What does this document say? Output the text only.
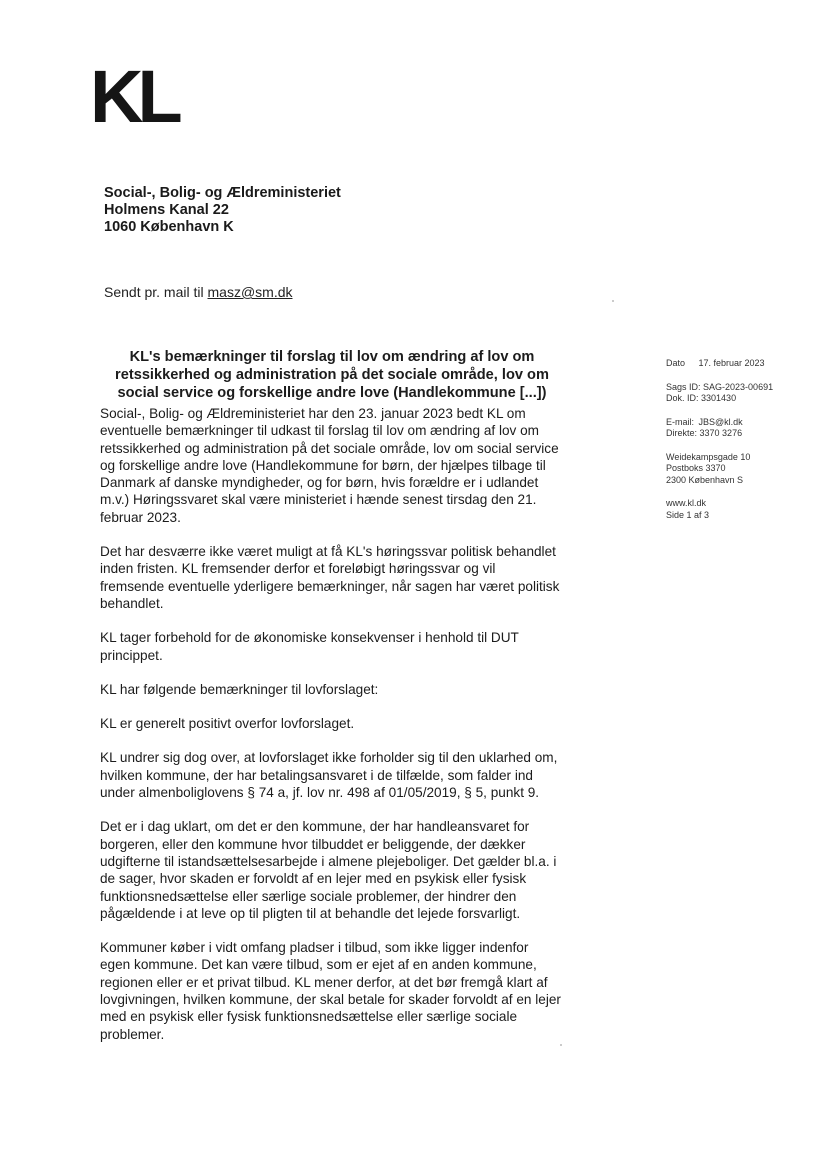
KL
Social-, Bolig- og Ældreministeriet
Holmens Kanal 22
1060 København K
Sendt pr. mail til masz@sm.dk
KL's bemærkninger til forslag til lov om ændring af lov om retssikkerhed og administration på det sociale område, lov om social service og forskellige andre love (Handlekommune [...])

Social-, Bolig- og Ældreministeriet har den 23. januar 2023 bedt KL om eventuelle bemærkninger til udkast til forslag til lov om ændring af lov om retssikkerhed og administration på det sociale område, lov om social service og forskellige andre love (Handlekommune for børn, der hjælpes tilbage til Danmark af danske myndigheder, og for børn, hvis forældre er i udlandet m.v.) Høringssvaret skal være ministeriet i hænde senest tirsdag den 21. februar 2023.

Det har desværre ikke været muligt at få KL's høringssvar politisk behandlet inden fristen. KL fremsender derfor et foreløbigt høringssvar og vil fremsende eventuelle yderligere bemærkninger, når sagen har været politisk behandlet.

KL tager forbehold for de økonomiske konsekvenser i henhold til DUT princippet.

KL har følgende bemærkninger til lovforslaget:

KL er generelt positivt overfor lovforslaget.

KL undrer sig dog over, at lovforslaget ikke forholder sig til den uklarhed om, hvilken kommune, der har betalingsansvaret i de tilfælde, som falder ind under almenboliglovens § 74 a, jf. lov nr. 498 af 01/05/2019, § 5, punkt 9.

Det er i dag uklart, om det er den kommune, der har handleansvaret for borgeren, eller den kommune hvor tilbuddet er beliggende, der dækker udgifterne til istandsættelsesarbejde i almene plejeboliger. Det gælder bl.a. i de sager, hvor skaden er forvoldt af en lejer med en psykisk eller fysisk funktionsnedsættelse eller særlige sociale problemer, der hindrer den pågældende i at leve op til pligten til at behandle det lejede forsvarligt.

Kommuner køber i vidt omfang pladser i tilbud, som ikke ligger indenfor egen kommune. Det kan være tilbud, som er ejet af en anden kommune, regionen eller er et privat tilbud. KL mener derfor, at det bør fremgå klart af lovgivningen, hvilken kommune, der skal betale for skader forvoldt af en lejer med en psykisk eller fysisk funktionsnedsættelse eller særlige sociale problemer.

Dato 17. februar 2023
Sags ID: SAG-2023-00691
Dok. ID: 3301430
E-mail: JBS@kl.dk
Direkte: 3370 3276
Weidekampsgade 10
Postboks 3370
2300 København S
www.kl.dk
Side 1 af 3
